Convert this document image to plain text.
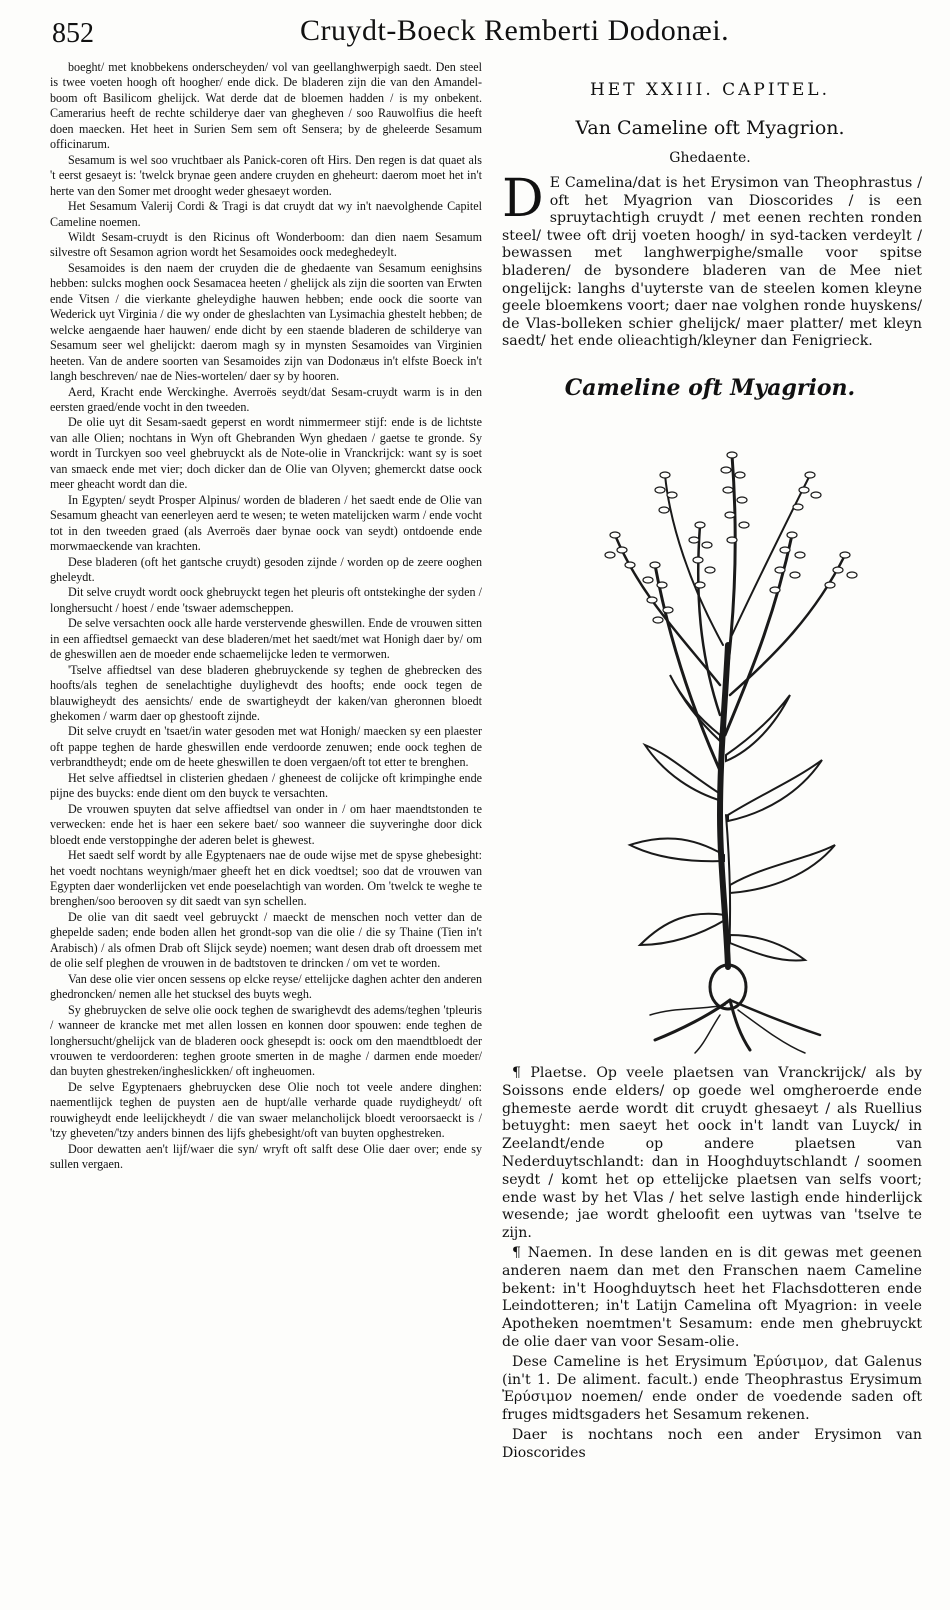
852	Cruydt-Boeck Remberti Dodonæi.

boeght/ met knobbekens onderscheyden/ vol van geellanghwerpigh saedt. Den steel is twee voeten hoogh oft hoogher/ ende dick. De bladeren zijn die van den Amandel-boom oft Basilicom ghelijck. Wat derde dat de bloemen hadden / is my onbekent. Camerarius heeft de rechte schilderye daer van ghegheven / soo Rauwolfius die heeft doen maecken. Het heet in Surien Sem sem oft Sensera; by de gheleerde Sesamum officinarum.

Sesamum is wel soo vruchtbaer als Panick-coren oft Hirs. Den regen is dat quaet als 't eerst gesaeyt is: 'twelck brynae geen andere cruyden en gheheurt: daerom moet het in't herte van den Somer met drooght weder ghesaeyt worden.

Het Sesamum Valerij Cordi & Tragi is dat cruydt dat wy in't naevolghende Capitel Cameline noemen.

Wildt Sesam-cruydt is den Ricinus oft Wonderboom: dan dien naem Sesamum silvestre oft Sesamon agrion wordt het Sesamoides oock medeghedeylt.

Sesamoides is den naem der cruyden die de ghedaente van Sesamum eenighsins hebben: sulcks moghen oock Sesamacea heeten / ghelijck als zijn die soorten van Erwten ende Vitsen / die vierkante gheleydighe hauwen hebben; ende oock die soorte van Wederick uyt Virginia / die wy onder de gheslachten van Lysimachia ghestelt hebben; de welcke aengaende haer hauwen/ ende dicht by een staende bladeren de schilderye van Sesamum seer wel ghelijckt: daerom magh sy in mynsten Sesamoides van Virginien heeten. Van de andere soorten van Sesamoides zijn van Dodonæus in't elfste Boeck in't langh beschreven/ nae de Nies-wortelen/ daer sy by hooren.

Aerd, Kracht ende Werckinghe. Averroës seydt/dat Sesam-cruydt warm is in den eersten graed/ende vocht in den tweeden.

De olie uyt dit Sesam-saedt geperst en wordt nimmermeer stijf: ende is de lichtste van alle Olien; nochtans in Wyn oft Ghebranden Wyn ghedaen / gaetse te gronde. Sy wordt in Turckyen soo veel ghebruyckt als de Note-olie in Vranckrijck: want sy is soet van smaeck ende met vier; doch dicker dan de Olie van Olyven; ghemerckt datse oock meer gheacht wordt dan die.

In Egypten/ seydt Prosper Alpinus/ worden de bladeren / het saedt ende de Olie van Sesamum gheacht van eenerleyen aerd te wesen; te weten matelijcken warm / ende vocht tot in den tweeden graed (als Averroës daer bynae oock van seydt) ontdoende ende morwmaeckende van krachten.

Dese bladeren (oft het gantsche cruydt) gesoden zijnde / worden op de zeere ooghen gheleydt.

Dit selve cruydt wordt oock ghebruyckt tegen het pleuris oft ontstekinghe der syden / longhersucht / hoest / ende 'tswaer ademscheppen.

De selve versachten oock alle harde verstervende gheswillen. Ende de vrouwen sitten in een affiedtsel gemaeckt van dese bladeren/met het saedt/met wat Honigh daer by/ om de gheswillen aen de moeder ende schaemelijcke leden te vermorwen.

'Tselve affiedtsel van dese bladeren ghebruyckende sy teghen de ghebrecken des hoofts/als teghen de senelachtighe duylighevdt des hoofts; ende oock tegen de blauwigheydt des aensichts/ ende de swartigheydt der kaken/van gheronnen bloedt ghekomen / warm daer op ghestooft zijnde.

Dit selve cruydt en 'tsaet/in water gesoden met wat Honigh/ maecken sy een plaester oft pappe teghen de harde gheswillen ende verdoorde zenuwen; ende oock teghen de verbrandtheydt; ende om de heete gheswillen te doen vergaen/oft tot etter te brenghen.

Het selve affiedtsel in clisterien ghedaen / gheneest de colijcke oft krimpinghe ende pijne des buycks: ende dient om den buyck te versachten.

De vrouwen spuyten dat selve affiedtsel van onder in / om haer maendtstonden te verwecken: ende het is haer een sekere baet/ soo wanneer die suyveringhe door dick bloedt ende verstoppinghe der aderen belet is ghewest.

Het saedt self wordt by alle Egyptenaers nae de oude wijse met de spyse ghebesight: het voedt nochtans weynigh/maer gheeft het en dick voedtsel; soo dat de vrouwen van Egypten daer wonderlijcken vet ende poeselachtigh van worden. Om 'twelck te weghe te brenghen/soo berooven sy dit saedt van syn schellen.

De olie van dit saedt veel gebruyckt / maeckt de menschen noch vetter dan de ghepelde saden; ende boden allen het grondt-sop van die olie / die sy Thaine (Tien in't Arabisch) / als ofmen Drab oft Slijck seyde) noemen; want desen drab oft droessem met de olie self pleghen de vrouwen in de badtstoven te drincken / om vet te worden.

Van dese olie vier oncen sessens op elcke reyse/ ettelijcke daghen achter den anderen ghedroncken/ nemen alle het stucksel des buyts wegh.

Sy ghebruycken de selve olie oock teghen de swarighevdt des adems/teghen 'tpleuris / wanneer de krancke met met allen lossen en konnen door spouwen: ende teghen de longhersucht/ghelijck van de bladeren oock ghesepdt is: oock om den maendtbloedt der vrouwen te verdoorderen: teghen groote smerten in de maghe / darmen ende moeder/ dan buyten ghestreken/ingheslickken/ oft ingheuomen.

De selve Egyptenaers ghebruycken dese Olie noch tot veele andere dinghen: naementlijck teghen de puysten aen de hupt/alle verharde quade ruydigheydt/ oft rouwigheydt ende leelijckheydt / die van swaer melancholijck bloedt veroorsaeckt is / 'tzy gheveten/'tzy anders binnen des lijfs ghebesight/oft van buyten opghestreken.

Door dewatten aen't lijf/waer die syn/ wryft oft salft dese Olie daer over; ende sy sullen vergaen.

HET XXIII. CAPITEL.
Van Cameline oft Myagrion.
Ghedaente.
D E Camelina/dat is het Erysimon van Theophrastus / oft het Myagrion van Dioscorides / is een spruytachtigh cruydt / met eenen rechten ronden steel/ twee oft drij voeten hoogh/ in syd-tacken verdeylt / bewassen met langhwerpighe/smalle voor spitse bladeren/ de bysondere bladeren van de Mee niet ongelijck: langhs d'uyterste van de steelen komen kleyne geele bloemkens voort; daer nae volghen ronde huyskens/ de Vlas-bolleken schier ghelijck/ maer platter/ met kleyn saedt/ het ende olieachtigh/kleyner dan Fenigrieck.
Cameline oft Myagrion.

¶ Plaetse. Op veele plaetsen van Vranckrijck/ als by Soissons ende elders/ op goede wel omgheroerde ende ghemeste aerde wordt dit cruydt ghesaeyt / als Ruellius betuyght: men saeyt het oock in't landt van Luyck/ in Zeelandt/ende op andere plaetsen van Nederduytschlandt: dan in Hooghduytschlandt / soomen seydt / komt het op ettelijcke plaetsen van selfs voort; ende wast by het Vlas / het selve lastigh ende hinderlijck wesende; jae wordt gheloofit een uytwas van 'tselve te zijn.

¶ Naemen. In dese landen en is dit gewas met geenen anderen naem dan met den Franschen naem Cameline bekent: in't Hooghduytsch heet het Flachsdotteren ende Leindotteren; in't Latijn Camelina oft Myagrion: in veele Apotheken noemtmen't Sesamum: ende men ghebruyckt de olie daer van voor Sesam-olie.

Dese Cameline is het Erysimum Ἐρύσιμον, dat Galenus (in't 1. De aliment. facult.) ende Theophrastus Erysimum Ἐρύσιμον noemen/ ende onder de voedende saden oft fruges midtsgaders het Sesamum rekenen.

Daer is nochtans noch een ander Erysimon van Dioscorides
